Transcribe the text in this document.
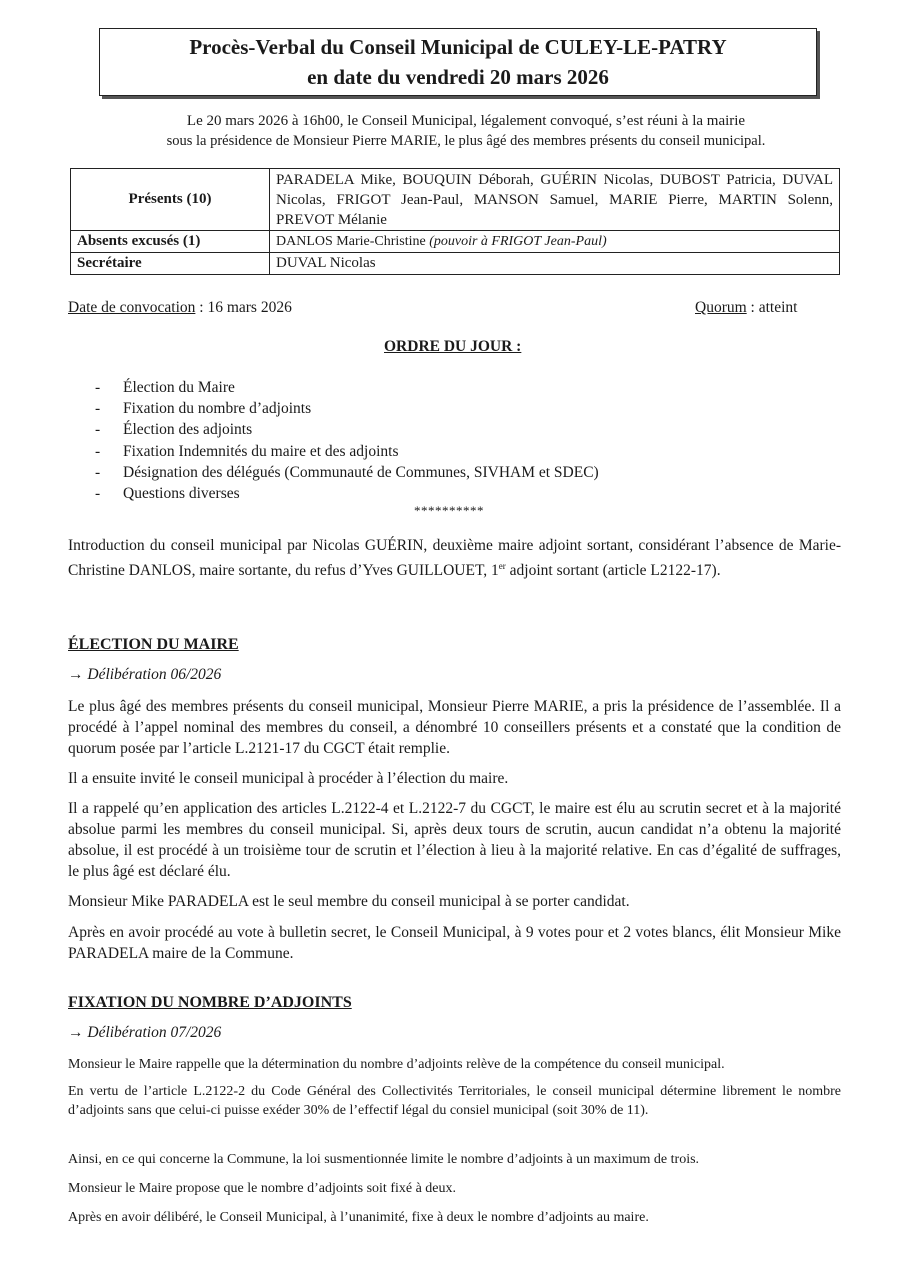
Procès-Verbal du Conseil Municipal de CULEY-LE-PATRY
en date du vendredi 20 mars 2026
Le 20 mars 2026 à 16h00, le Conseil Municipal, légalement convoqué, s’est réuni à la mairie
sous la présidence de Monsieur Pierre MARIE, le plus âgé des membres présents du conseil municipal.
Présents (10)	PARADELA Mike, BOUQUIN Déborah, GUÉRIN Nicolas, DUBOST Patricia, DUVAL Nicolas, FRIGOT Jean-Paul, MANSON Samuel, MARIE Pierre, MARTIN Solenn, PREVOT Mélanie
Absents excusés (1)	DANLOS Marie-Christine (pouvoir à FRIGOT Jean-Paul)
Secrétaire	DUVAL Nicolas
Date de convocation : 16 mars 2026	Quorum : atteint
ORDRE DU JOUR :
- Élection du Maire
- Fixation du nombre d’adjoints
- Élection des adjoints
- Fixation Indemnités du maire et des adjoints
- Désignation des délégués (Communauté de Communes, SIVHAM et SDEC)
- Questions diverses
**********
Introduction du conseil municipal par Nicolas GUÉRIN, deuxième maire adjoint sortant, considérant l’absence de Marie-Christine DANLOS, maire sortante, du refus d’Yves GUILLOUET, 1er adjoint sortant (article L2122-17).
ÉLECTION DU MAIRE
→ Délibération 06/2026
Le plus âgé des membres présents du conseil municipal, Monsieur Pierre MARIE, a pris la présidence de l’assemblée. Il a procédé à l’appel nominal des membres du conseil, a dénombré 10 conseillers présents et a constaté que la condition de quorum posée par l’article L.2121-17 du CGCT était remplie.
Il a ensuite invité le conseil municipal à procéder à l’élection du maire.
Il a rappelé qu’en application des articles L.2122-4 et L.2122-7 du CGCT, le maire est élu au scrutin secret et à la majorité absolue parmi les membres du conseil municipal. Si, après deux tours de scrutin, aucun candidat n’a obtenu la majorité absolue, il est procédé à un troisième tour de scrutin et l’élection à lieu à la majorité relative. En cas d’égalité de suffrages, le plus âgé est déclaré élu.
Monsieur Mike PARADELA est le seul membre du conseil municipal à se porter candidat.
Après en avoir procédé au vote à bulletin secret, le Conseil Municipal, à 9 votes pour et 2 votes blancs, élit Monsieur Mike PARADELA maire de la Commune.
FIXATION DU NOMBRE D’ADJOINTS
→ Délibération 07/2026
Monsieur le Maire rappelle que la détermination du nombre d’adjoints relève de la compétence du conseil municipal.
En vertu de l’article L.2122-2 du Code Général des Collectivités Territoriales, le conseil municipal détermine librement le nombre d’adjoints sans que celui-ci puisse exéder 30% de l’effectif légal du consiel municipal (soit 30% de 11).
Ainsi, en ce qui concerne la Commune, la loi susmentionnée limite le nombre d’adjoints à un maximum de trois.
Monsieur le Maire propose que le nombre d’adjoints soit fixé à deux.
Après en avoir délibéré, le Conseil Municipal, à l’unanimité, fixe à deux le nombre d’adjoints au maire.
